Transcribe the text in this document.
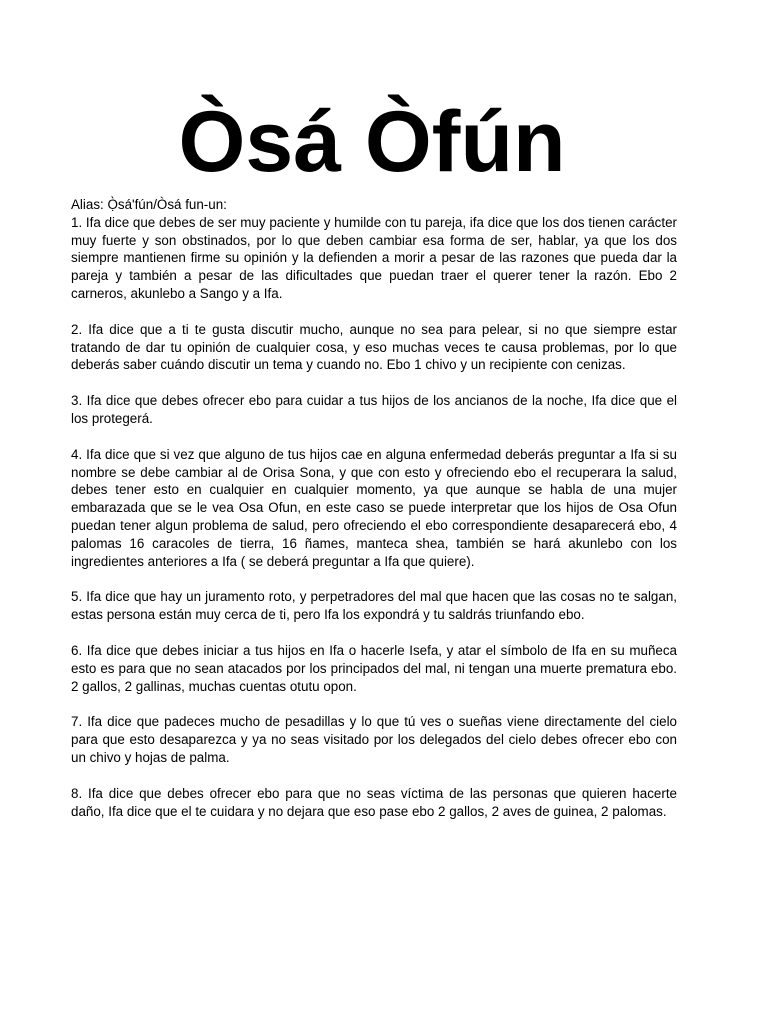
Òsá Òfún

Alias: Ọ̀sá'fún/Òsá fun-un:

1. Ifa dice que debes de ser muy paciente y humilde con tu pareja, ifa dice que los dos tienen carácter muy fuerte y son obstinados, por lo que deben cambiar esa forma de ser, hablar, ya que los dos siempre mantienen firme su opinión y la defienden a morir a pesar de las razones que pueda dar la pareja y también a pesar de las dificultades que puedan traer el querer tener la razón. Ebo 2 carneros, akunlebo a Sango y a Ifa.

2. Ifa dice que a ti te gusta discutir mucho, aunque no sea para pelear, si no que siempre estar tratando de dar tu opinión de cualquier cosa, y eso muchas veces te causa problemas, por lo que deberás saber cuándo discutir un tema y cuando no. Ebo 1 chivo y un recipiente con cenizas.

3. Ifa dice que debes ofrecer ebo para cuidar a tus hijos de los ancianos de la noche, Ifa dice que el los protegerá.

4. Ifa dice que si vez que alguno de tus hijos cae en alguna enfermedad deberás preguntar a Ifa si su nombre se debe cambiar al de Orisa Sona, y que con esto y ofreciendo ebo el recuperara la salud, debes tener esto en cualquier en cualquier momento, ya que aunque se habla de una mujer embarazada que se le vea Osa Ofun, en este caso se puede interpretar que los hijos de Osa Ofun puedan tener algun problema de salud, pero ofreciendo el ebo correspondiente desaparecerá ebo, 4 palomas 16 caracoles de tierra, 16 ñames, manteca shea, también se hará akunlebo con los ingredientes anteriores a Ifa ( se deberá preguntar a Ifa que quiere).

5. Ifa dice que hay un juramento roto, y perpetradores del mal que hacen que las cosas no te salgan, estas persona están muy cerca de ti, pero Ifa los expondrá y tu saldrás triunfando ebo.

6. Ifa dice que debes iniciar a tus hijos en Ifa o hacerle Isefa, y atar el símbolo de Ifa en su muñeca esto es para que no sean atacados por los principados del mal, ni tengan una muerte prematura ebo. 2 gallos, 2 gallinas, muchas cuentas otutu opon.

7. Ifa dice que padeces mucho de pesadillas y lo que tú ves o sueñas viene directamente del cielo para que esto desaparezca y ya no seas visitado por los delegados del cielo debes ofrecer ebo con un chivo y hojas de palma.

8. Ifa dice que debes ofrecer ebo para que no seas víctima de las personas que quieren hacerte daño, Ifa dice que el te cuidara y no dejara que eso pase ebo 2 gallos, 2 aves de guinea, 2 palomas.
